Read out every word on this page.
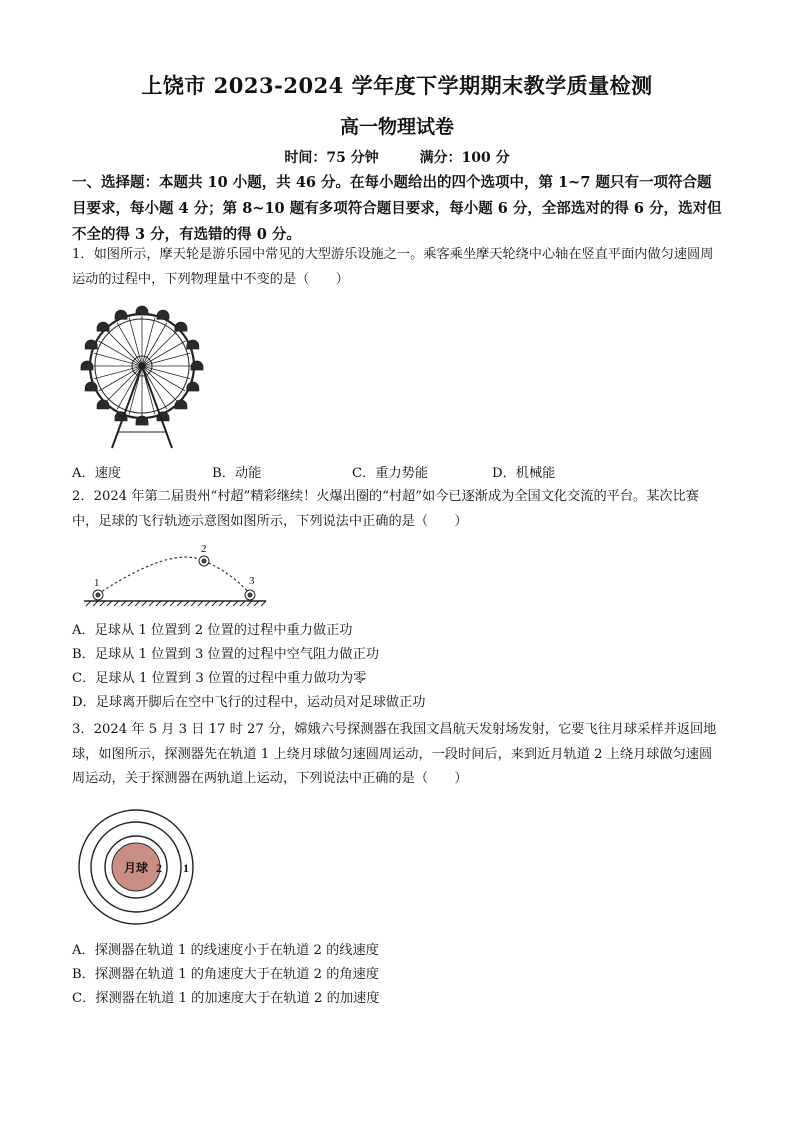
上饶市 2023-2024 学年度下学期期末教学质量检测
高一物理试卷
时间：75 分钟	满分：100 分
一、选择题：本题共 10 小题，共 46 分。在每小题给出的四个选项中，第 1~7 题只有一项符合题目要求，每小题 4 分；第 8~10 题有多项符合题目要求，每小题 6 分，全部选对的得 6 分，选对但不全的得 3 分，有选错的得 0 分。
1．如图所示，摩天轮是游乐园中常见的大型游乐设施之一。乘客乘坐摩天轮绕中心轴在竖直平面内做匀速圆周运动的过程中，下列物理量中不变的是（　　）
A．速度	B．动能	C．重力势能	D．机械能
2．2024 年第二届贵州“村超”精彩继续！火爆出圈的“村超”如今已逐渐成为全国文化交流的平台。某次比赛中，足球的飞行轨迹示意图如图所示，下列说法中正确的是（　　）
1
2
3
A．足球从 1 位置到 2 位置的过程中重力做正功
B．足球从 1 位置到 3 位置的过程中空气阻力做正功
C．足球从 1 位置到 3 位置的过程中重力做功为零
D．足球离开脚后在空中飞行的过程中，运动员对足球做正功
3．2024 年 5 月 3 日 17 时 27 分，嫦娥六号探测器在我国文昌航天发射场发射，它要飞往月球采样并返回地球，如图所示，探测器先在轨道 1 上绕月球做匀速圆周运动，一段时间后，来到近月轨道 2 上绕月球做匀速圆周运动，关于探测器在两轨道上运动，下列说法中正确的是（　　）
月球 2 1
A．探测器在轨道 1 的线速度小于在轨道 2 的线速度
B．探测器在轨道 1 的角速度大于在轨道 2 的角速度
C．探测器在轨道 1 的加速度大于在轨道 2 的加速度
